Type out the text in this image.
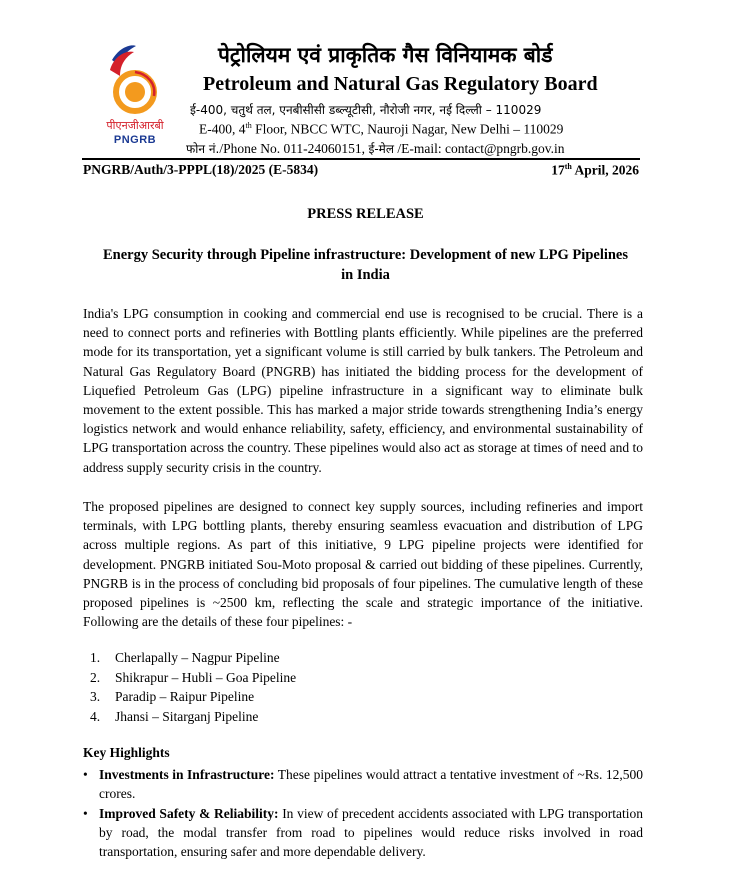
पीएनजीआरबी
PNGRB
पेट्रोलियम एवं प्राकृतिक गैस विनियामक बोर्ड
Petroleum and Natural Gas Regulatory Board
ई-400, चतुर्थ तल, एनबीसीसी डब्ल्यूटीसी, नौरोजी नगर, नई दिल्ली – 110029
E-400, 4th Floor, NBCC WTC, Nauroji Nagar, New Delhi – 110029
फोन नं./Phone No. 011-24060151, ई-मेल /E-mail: contact@pngrb.gov.in
PNGRB/Auth/3-PPPL(18)/2025 (E-5834)	17th April, 2026
PRESS RELEASE
Energy Security through Pipeline infrastructure: Development of new LPG Pipelines in India
India's LPG consumption in cooking and commercial end use is recognised to be crucial. There is a need to connect ports and refineries with Bottling plants efficiently. While pipelines are the preferred mode for its transportation, yet a significant volume is still carried by bulk tankers. The Petroleum and Natural Gas Regulatory Board (PNGRB) has initiated the bidding process for the development of Liquefied Petroleum Gas (LPG) pipeline infrastructure in a significant way to eliminate bulk movement to the extent possible. This has marked a major stride towards strengthening India’s energy logistics network and would enhance reliability, safety, efficiency, and environmental sustainability of LPG transportation across the country. These pipelines would also act as storage at times of need and to address supply security crisis in the country.
The proposed pipelines are designed to connect key supply sources, including refineries and import terminals, with LPG bottling plants, thereby ensuring seamless evacuation and distribution of LPG across multiple regions. As part of this initiative, 9 LPG pipeline projects were identified for development. PNGRB initiated Sou-Moto proposal & carried out bidding of these pipelines. Currently, PNGRB is in the process of concluding bid proposals of four pipelines. The cumulative length of these proposed pipelines is ~2500 km, reflecting the scale and strategic importance of the initiative. Following are the details of these four pipelines: -
1. Cherlapally – Nagpur Pipeline
2. Shikrapur – Hubli – Goa Pipeline
3. Paradip – Raipur Pipeline
4. Jhansi – Sitarganj Pipeline
Key Highlights
• Investments in Infrastructure: These pipelines would attract a tentative investment of ~Rs. 12,500 crores.
• Improved Safety & Reliability: In view of precedent accidents associated with LPG transportation by road, the modal transfer from road to pipelines would reduce risks involved in road transportation, ensuring safer and more dependable delivery.
